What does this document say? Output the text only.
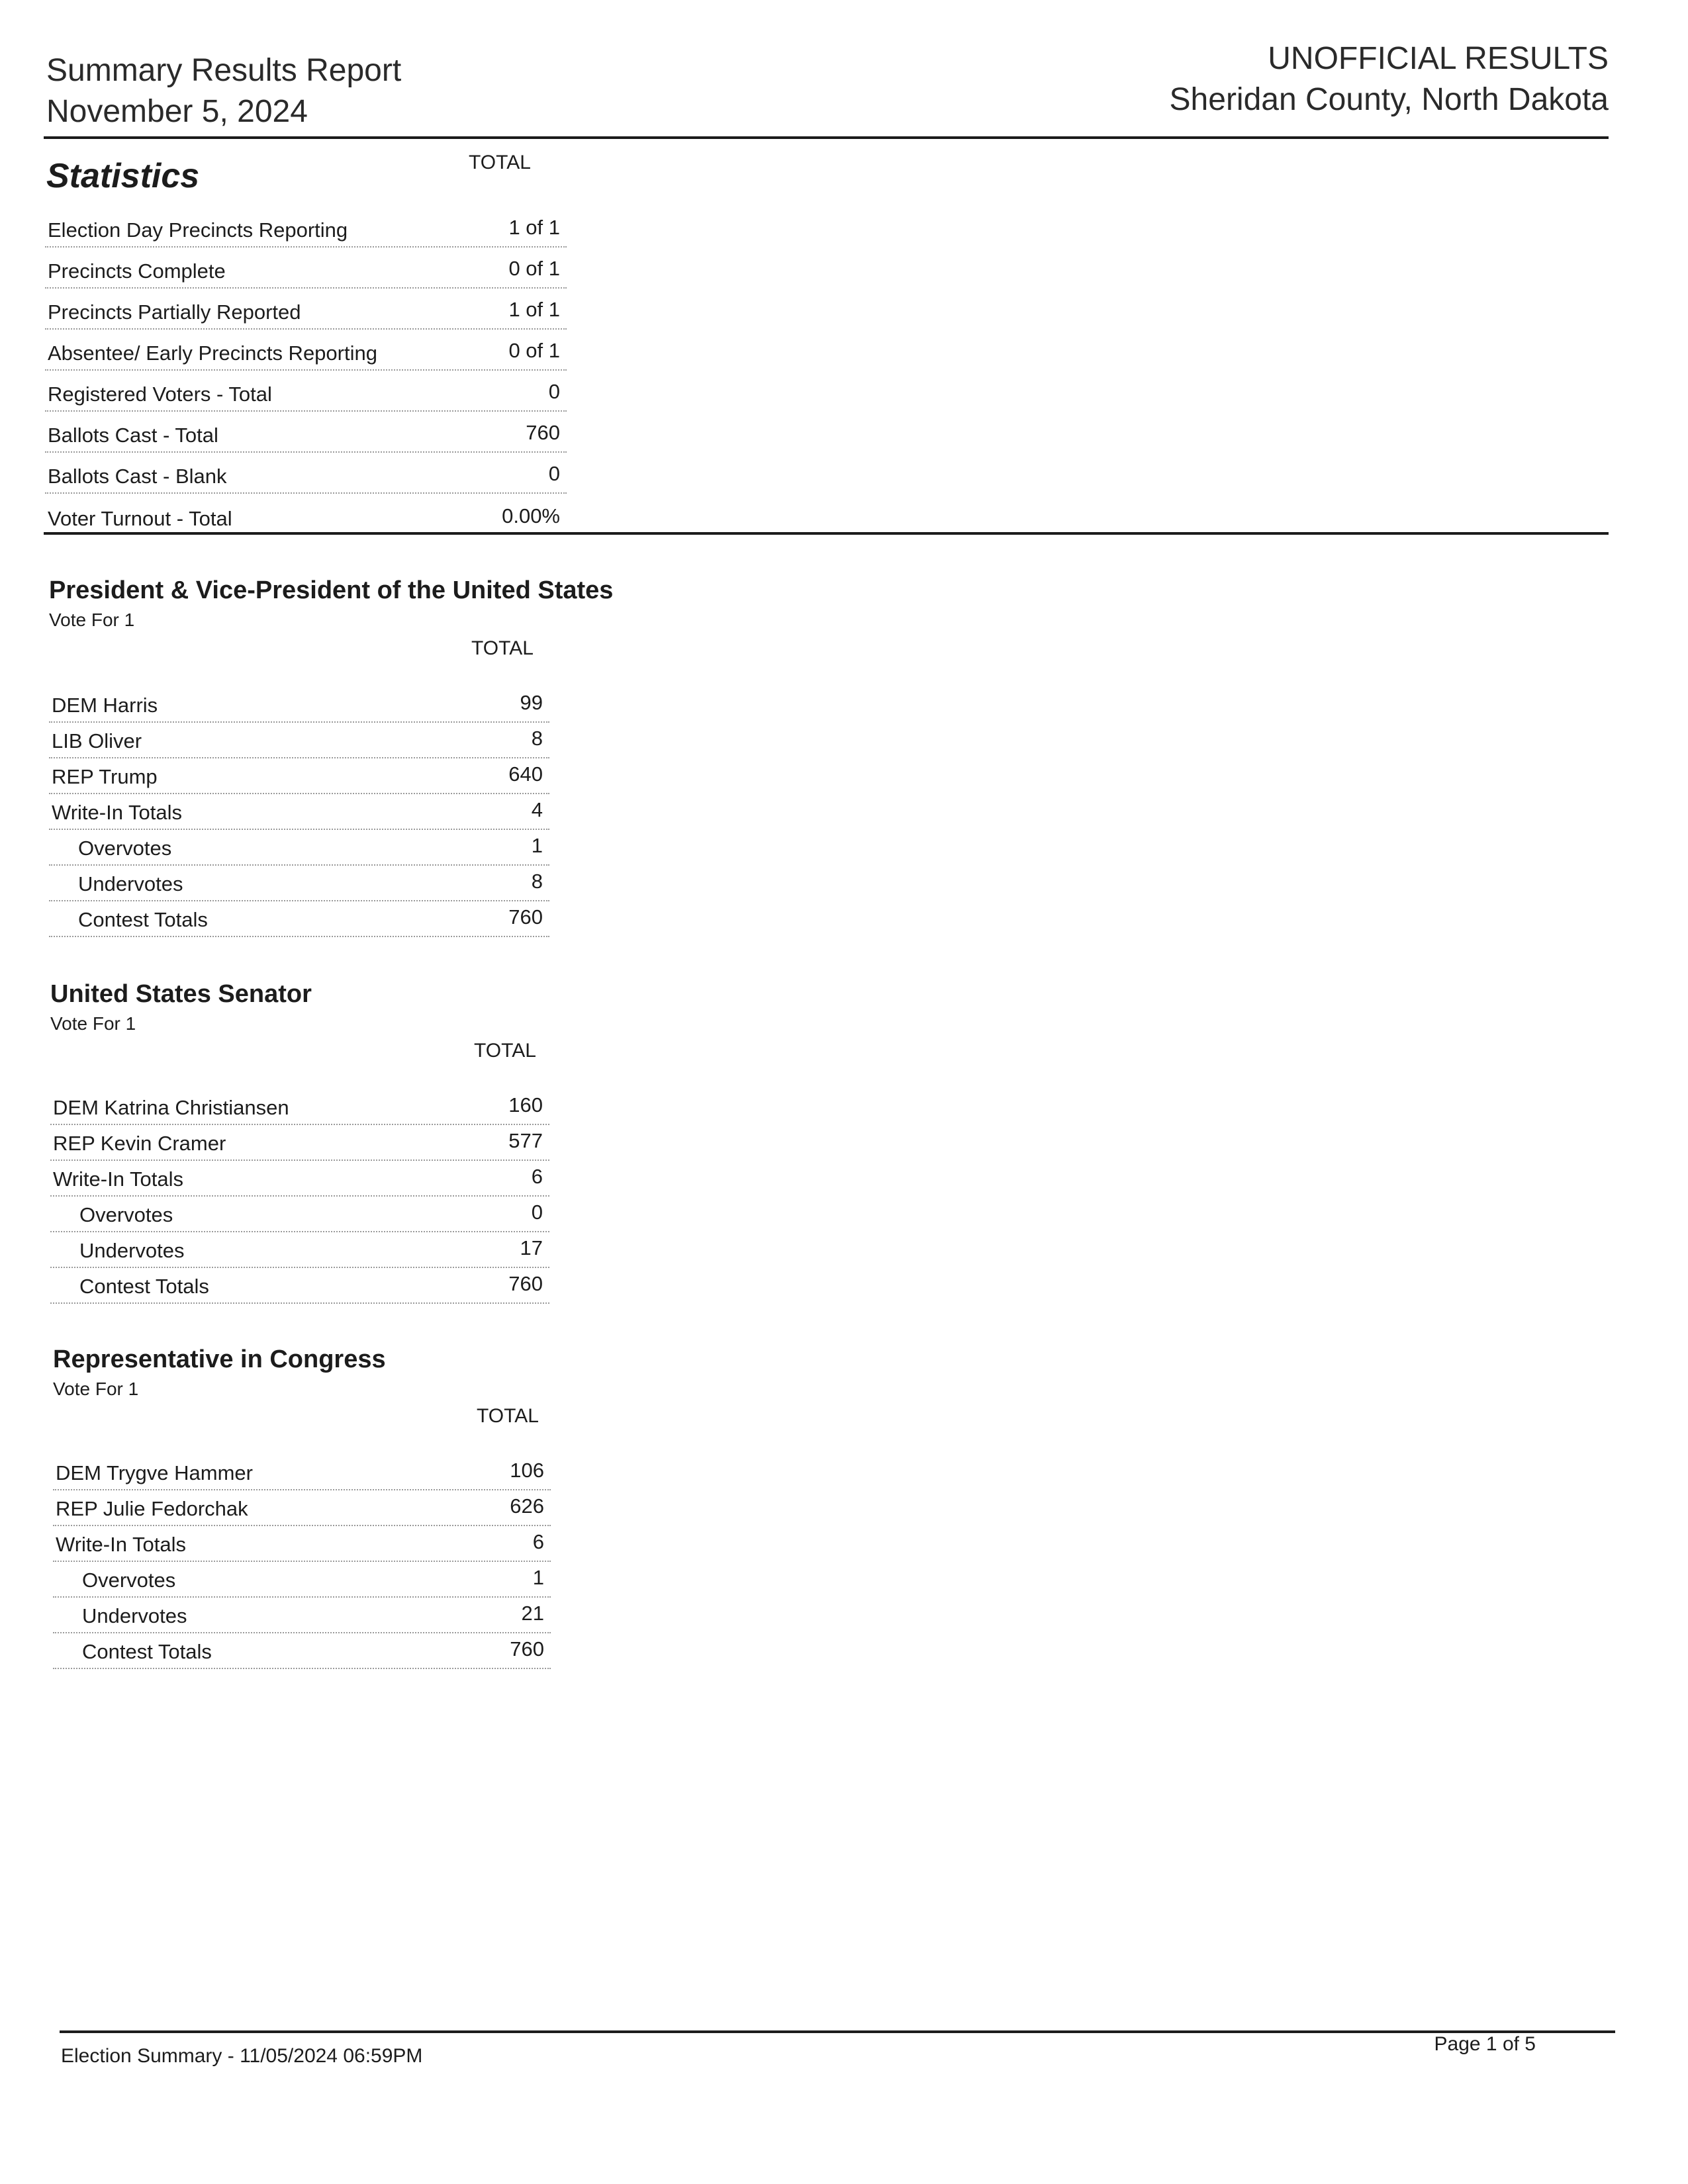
Summary Results Report
November 5, 2024
UNOFFICIAL RESULTS
Sheridan County, North Dakota
Statistics	TOTAL
Election Day Precincts Reporting	1 of 1
Precincts Complete	0 of 1
Precincts Partially Reported	1 of 1
Absentee/ Early Precincts Reporting	0 of 1
Registered Voters - Total	0
Ballots Cast - Total	760
Ballots Cast - Blank	0
Voter Turnout - Total	0.00%
President & Vice-President of the United States
Vote For 1
TOTAL
DEM Harris	99
LIB Oliver	8
REP Trump	640
Write-In Totals	4
Overvotes	1
Undervotes	8
Contest Totals	760
United States Senator
Vote For 1
TOTAL
DEM Katrina Christiansen	160
REP Kevin Cramer	577
Write-In Totals	6
Overvotes	0
Undervotes	17
Contest Totals	760
Representative in Congress
Vote For 1
TOTAL
DEM Trygve Hammer	106
REP Julie Fedorchak	626
Write-In Totals	6
Overvotes	1
Undervotes	21
Contest Totals	760
Election Summary - 11/05/2024 06:59PM
Page 1 of 5
